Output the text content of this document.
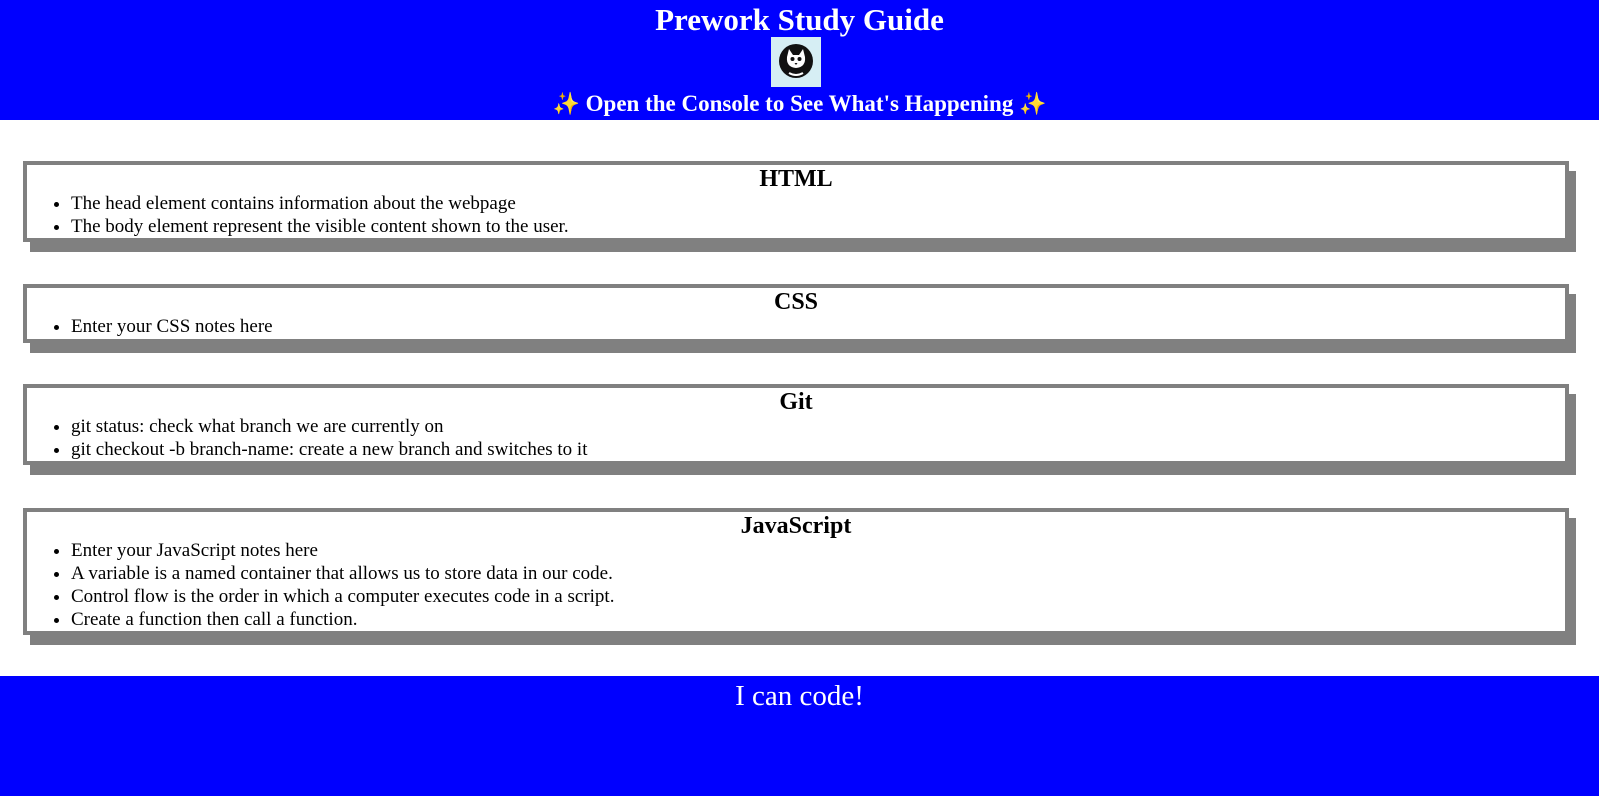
Prework Study Guide
✨ Open the Console to See What's Happening ✨
HTML
• The head element contains information about the webpage
• The body element represent the visible content shown to the user.
CSS
• Enter your CSS notes here
Git
• git status: check what branch we are currently on
• git checkout -b branch-name: create a new branch and switches to it
JavaScript
• Enter your JavaScript notes here
• A variable is a named container that allows us to store data in our code.
• Control flow is the order in which a computer executes code in a script.
• Create a function then call a function.

I can code!
